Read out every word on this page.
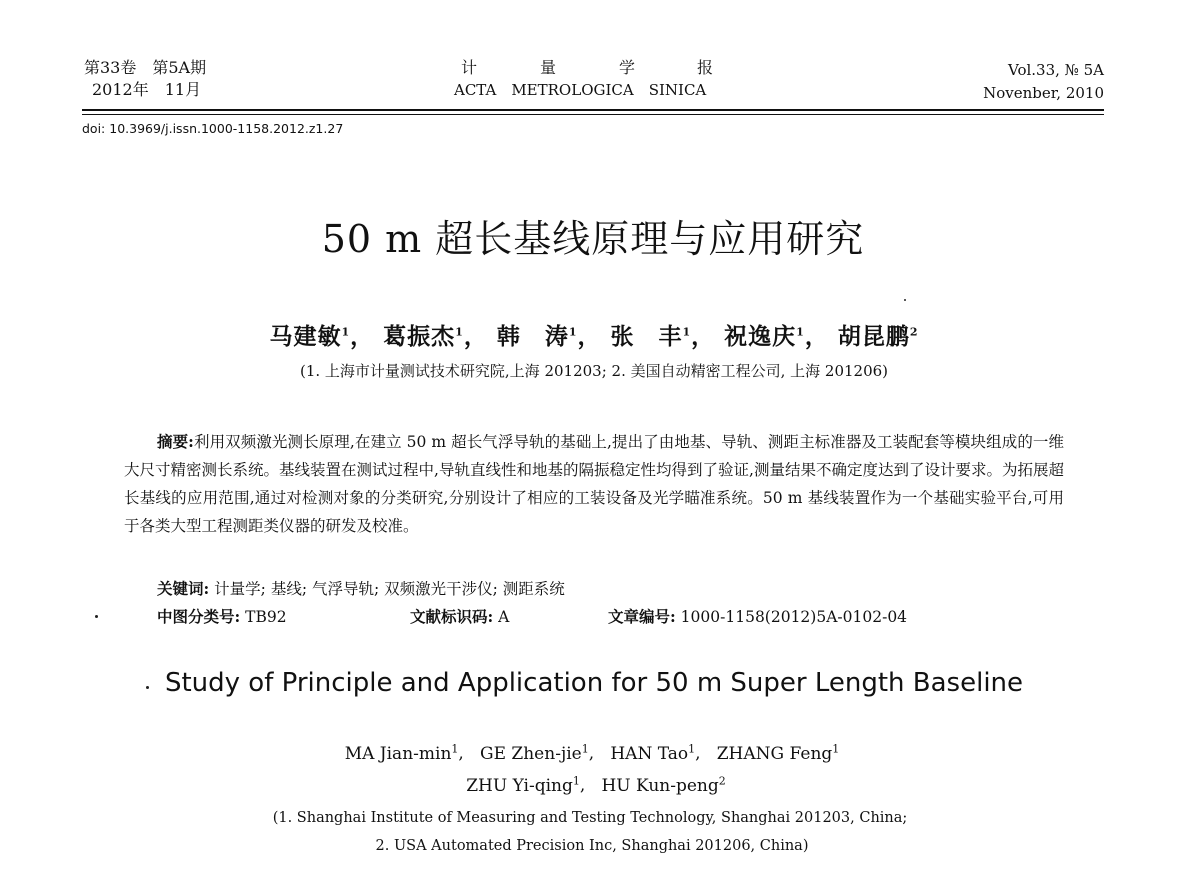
第33卷　第5A期
2012年　11月
计	量	学	报
ACTA　METROLOGICA　SINICA
Vol.33, № 5A
Novenber, 2010
doi: 10.3969/j.issn.1000-1158.2012.z1.27
50 m 超长基线原理与应用研究
马建敏$^1$， 葛振杰$^1$， 韩　涛$^1$， 张　丰$^1$， 祝逸庆$^1$， 胡昆鹏$^2$
(1. 上海市计量测试技术研究院,上海 201203; 2. 美国自动精密工程公司, 上海 201206)
摘要:利用双频激光测长原理,在建立 50 m 超长气浮导轨的基础上,提出了由地基、导轨、测距主标准器及工装配套等模块组成的一维大尺寸精密测长系统。基线装置在测试过程中,导轨直线性和地基的隔振稳定性均得到了验证,测量结果不确定度达到了设计要求。为拓展超长基线的应用范围,通过对检测对象的分类研究,分别设计了相应的工装设备及光学瞄准系统。50 m 基线装置作为一个基础实验平台,可用于各类大型工程测距类仪器的研发及校准。
关键词: 计量学; 基线; 气浮导轨; 双频激光干涉仪; 测距系统
中图分类号: TB92	文献标识码: A	文章编号: 1000-1158(2012)5A-0102-04
Study of Principle and Application for 50 m Super Length Baseline
MA Jian-$\min^1$,   GE Zhen-jie$^1$,   HAN Tao$^1$,   ZHANG Feng$^1$
ZHU Yi-qing$^1$,   HU Kun-peng$^2$
(1. Shanghai Institute of Measuring and Testing Technology, Shanghai 201203, China;
2. USA Automated Precision Inc, Shanghai 201206, China)
